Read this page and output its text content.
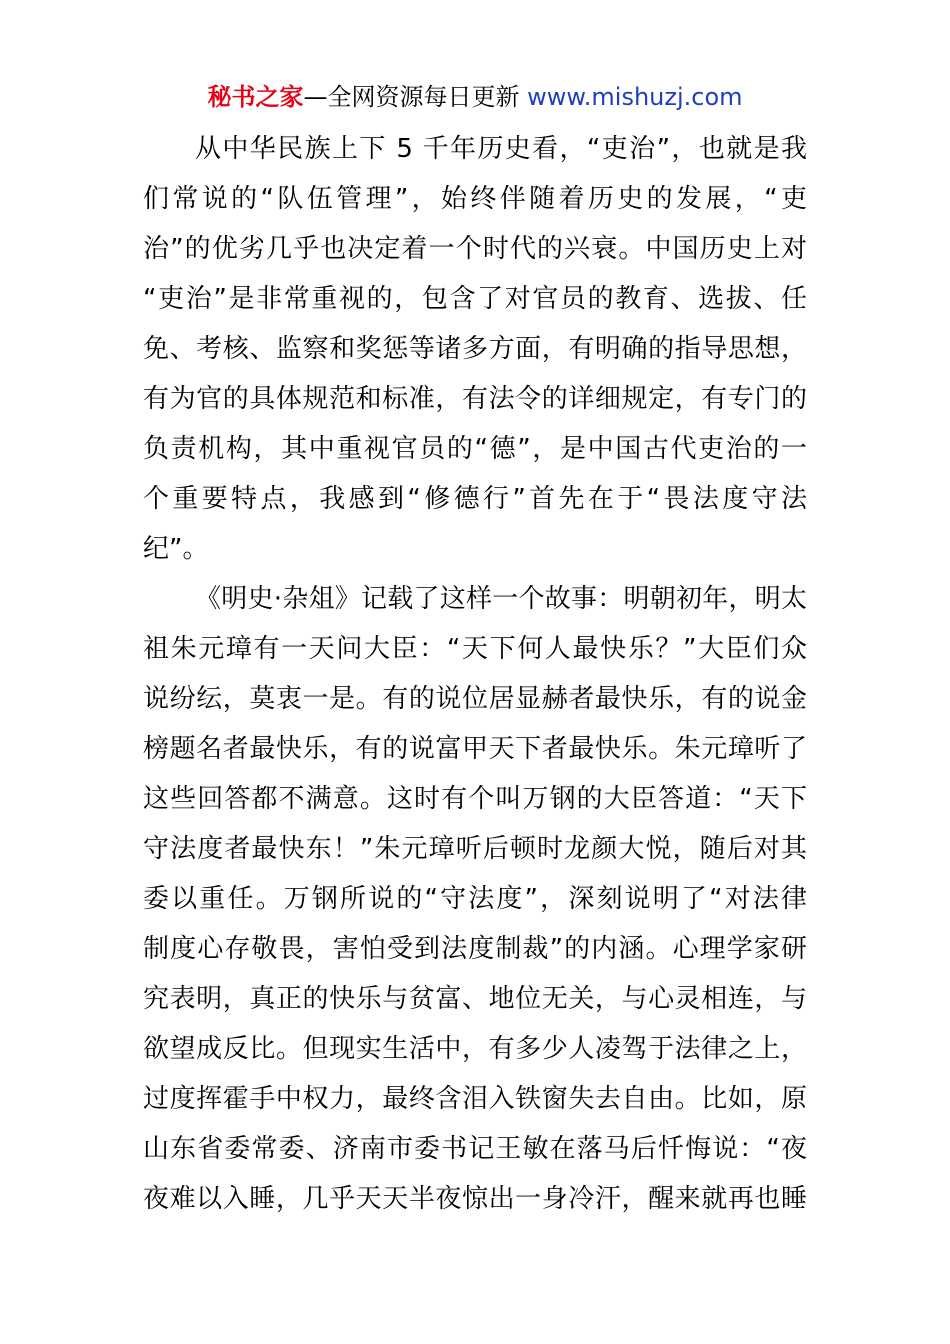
秘书之家—全网资源每日更新 www.mishuzj.com
从中华民族上下 5 千年历史看，“吏治”，也就是我
们常说的“队伍管理”，始终伴随着历史的发展，“吏
治”的优劣几乎也决定着一个时代的兴衰。中国历史上对
“吏治”是非常重视的，包含了对官员的教育、选拔、任
免、考核、监察和奖惩等诸多方面，有明确的指导思想，
有为官的具体规范和标准，有法令的详细规定，有专门的
负责机构，其中重视官员的“德”，是中国古代吏治的一
个重要特点，我感到“修德行”首先在于“畏法度守法
纪”。
《明史·杂俎》记载了这样一个故事：明朝初年，明太
祖朱元璋有一天问大臣：“天下何人最快乐？”大臣们众
说纷纭，莫衷一是。有的说位居显赫者最快乐，有的说金
榜题名者最快乐，有的说富甲天下者最快乐。朱元璋听了
这些回答都不满意。这时有个叫万钢的大臣答道：“天下
守法度者最快东！”朱元璋听后顿时龙颜大悦，随后对其
委以重任。万钢所说的“守法度”，深刻说明了“对法律
制度心存敬畏，害怕受到法度制裁”的内涵。心理学家研
究表明，真正的快乐与贫富、地位无关，与心灵相连，与
欲望成反比。但现实生活中，有多少人凌驾于法律之上，
过度挥霍手中权力，最终含泪入铁窗失去自由。比如，原
山东省委常委、济南市委书记王敏在落马后忏悔说：“夜
夜难以入睡，几乎天天半夜惊出一身冷汗，醒来就再也睡
